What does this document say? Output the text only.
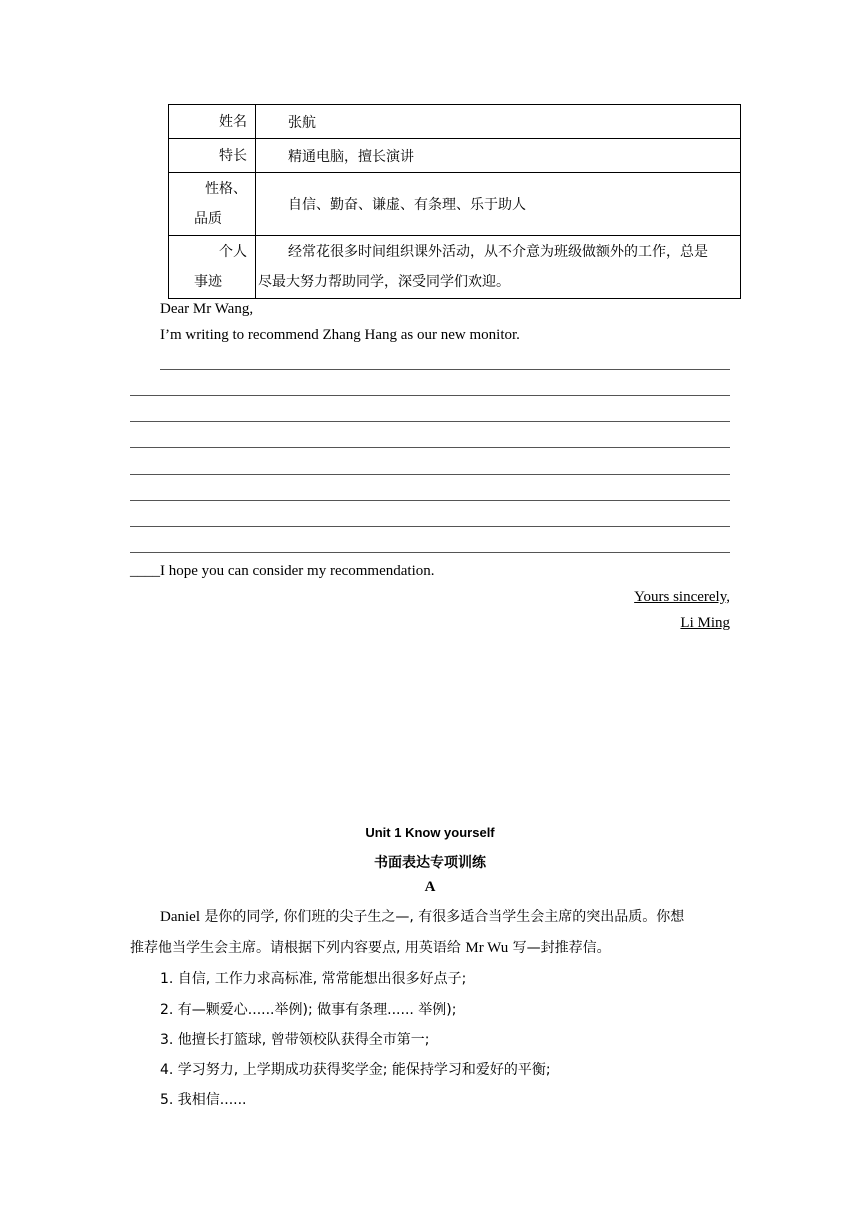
姓名	张航
特长	精通电脑，擅长演讲

性格、
品质	自信、勤奋、谦虚、有条理、乐于助人

个人
事迹	经常花很多时间组织课外活动，从不介意为班级做额外的工作，总是
尽最大努力帮助同学，深受同学们欢迎。
Dear Mr Wang,
I’m writing to recommend Zhang Hang as our new monitor.
____I hope you can consider my recommendation.
Yours sincerely,
Li Ming
Unit 1 Know yourself
书面表达专项训练
A
Daniel 是你的同学, 你们班的尖子生之—, 有很多适合当学生会主席的突出品质。你想
推荐他当学生会主席。请根据下列内容要点, 用英语给 Mr Wu 写—封推荐信。
1. 自信, 工作力求高标准, 常常能想出很多好点子;
2. 有—颗爱心......举例); 做事有条理...... 举例);
3. 他擅长打篮球, 曾带领校队获得全市第一;
4. 学习努力, 上学期成功获得奖学金; 能保持学习和爱好的平衡;
5. 我相信......
